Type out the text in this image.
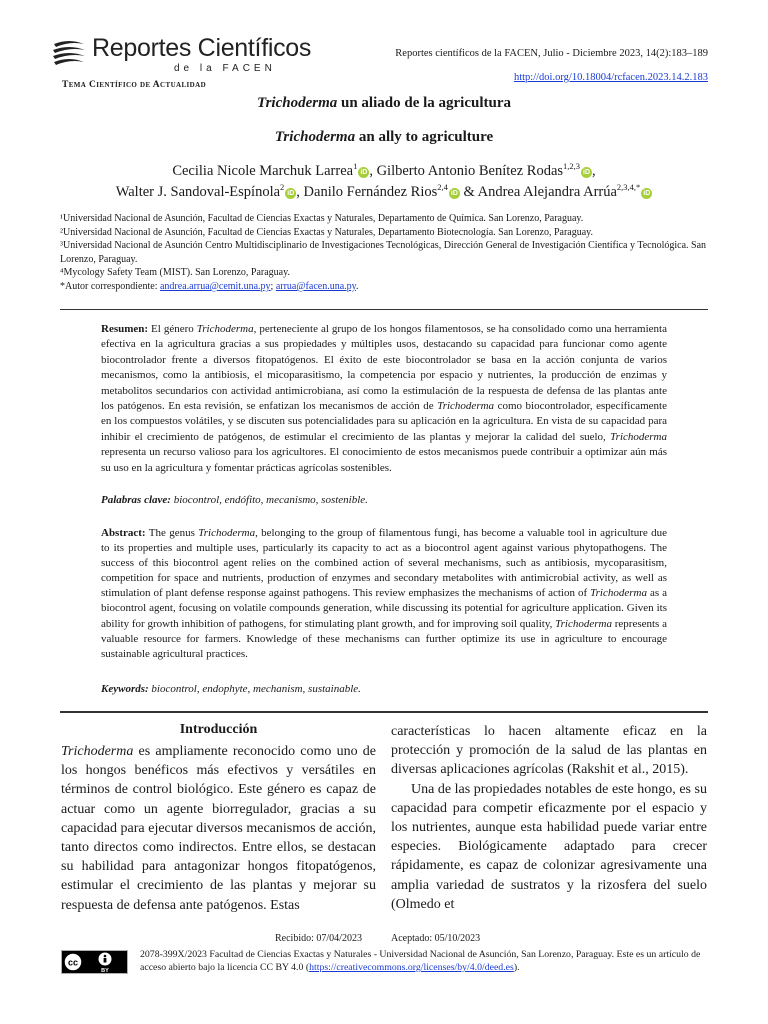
Reportes Científicos
de la FACEN
Tema Científico de Actualidad
Reportes científicos de la FACEN, Julio - Diciembre 2023, 14(2):183–189
http://doi.org/10.18004/rcfacen.2023.14.2.183
Trichoderma un aliado de la agricultura
Trichoderma an ally to agriculture
Cecilia Nicole Marchuk Larrea$^1$iD , Gilberto Antonio Benítez Rodas$^{1,2,3}$iD ,
Walter J. Sandoval-Espínola$^2$iD , Danilo Fernández Rios$^{2,4}$iD & Andrea Alejandra Arrúa$^{2,3,4,*}$iD
¹Universidad Nacional de Asunción, Facultad de Ciencias Exactas y Naturales, Departamento de Química. San Lorenzo, Paraguay.
²Universidad Nacional de Asunción, Facultad de Ciencias Exactas y Naturales, Departamento Biotecnología. San Lorenzo, Paraguay.
³Universidad Nacional de Asunción Centro Multidisciplinario de Investigaciones Tecnológicas, Dirección General de Investigación Científica y Tecnológica. San Lorenzo, Paraguay.
⁴Mycology Safety Team (MIST). San Lorenzo, Paraguay.
*Autor correspondiente: andrea.arrua@cemit.una.py; arrua@facen.una.py.
Resumen: El género Trichoderma, perteneciente al grupo de los hongos filamentosos, se ha consolidado como una herramienta efectiva en la agricultura gracias a sus propiedades y múltiples usos, destacando su capacidad para funcionar como agente biocontrolador frente a diversos fitopatógenos. El éxito de este biocontrolador se basa en la acción conjunta de varios mecanismos, como la antibiosis, el micoparasitismo, la competencia por espacio y nutrientes, la producción de enzimas y metabolitos secundarios con actividad antimicrobiana, así como la estimulación de la respuesta de defensa de las plantas ante los patógenos. En esta revisión, se enfatizan los mecanismos de acción de Trichoderma como biocontrolador, específicamente en los compuestos volátiles, y se discuten sus potencialidades para su aplicación en la agricultura. En vista de su capacidad para inhibir el crecimiento de patógenos, de estimular el crecimiento de las plantas y mejorar la calidad del suelo, Trichoderma representa un recurso valioso para los agricultores. El conocimiento de estos mecanismos puede contribuir a optimizar aún más su uso en la agricultura y fomentar prácticas agrícolas sostenibles.
Palabras clave: biocontrol, endófito, mecanismo, sostenible.
Abstract: The genus Trichoderma, belonging to the group of filamentous fungi, has become a valuable tool in agriculture due to its properties and multiple uses, particularly its capacity to act as a biocontrol agent against various phytopathogens. The success of this biocontrol agent relies on the combined action of several mechanisms, such as antibiosis, mycoparasitism, competition for space and nutrients, production of enzymes and secondary metabolites with antimicrobial activity, as well as stimulation of plant defense response against pathogens. This review emphasizes the mechanisms of action of Trichoderma as a biocontrol agent, focusing on volatile compounds generation, while discussing its potential for agriculture application. Given its ability for growth inhibition of pathogens, for stimulating plant growth, and for improving soil quality, Trichoderma represents a valuable resource for farmers. Knowledge of these mechanisms can further optimize its use in agriculture to encourage sustainable agricultural practices.
Keywords: biocontrol, endophyte, mechanism, sustainable.
Introducción
Trichoderma es ampliamente reconocido como uno de los hongos benéficos más efectivos y versátiles en términos de control biológico. Este género es capaz de actuar como un agente biorregulador, gracias a su capacidad para ejecutar diversos mecanismos de acción, tanto directos como indirectos. Entre ellos, se destacan su habilidad para antagonizar hongos fitopatógenos, estimular el crecimiento de las plantas y mejorar su respuesta de defensa ante patógenos. Estas
características lo hacen altamente eficaz en la protección y promoción de la salud de las plantas en diversas aplicaciones agrícolas (Rakshit et al., 2015).
Una de las propiedades notables de este hongo, es su capacidad para competir eficazmente por el espacio y los nutrientes, aunque esta habilidad puede variar entre especies. Biológicamente adaptado para crecer rápidamente, es capaz de colonizar agresivamente una amplia variedad de sustratos y la rizosfera del suelo (Olmedo et
Recibido: 07/04/2023	Aceptado: 05/10/2023
cc
BY
2078-399X/2023 Facultad de Ciencias Exactas y Naturales - Universidad Nacional de Asunción, San Lorenzo, Paraguay. Este es un artículo de acceso abierto bajo la licencia CC BY 4.0 (https://creativecommons.org/licenses/by/4.0/deed.es).
